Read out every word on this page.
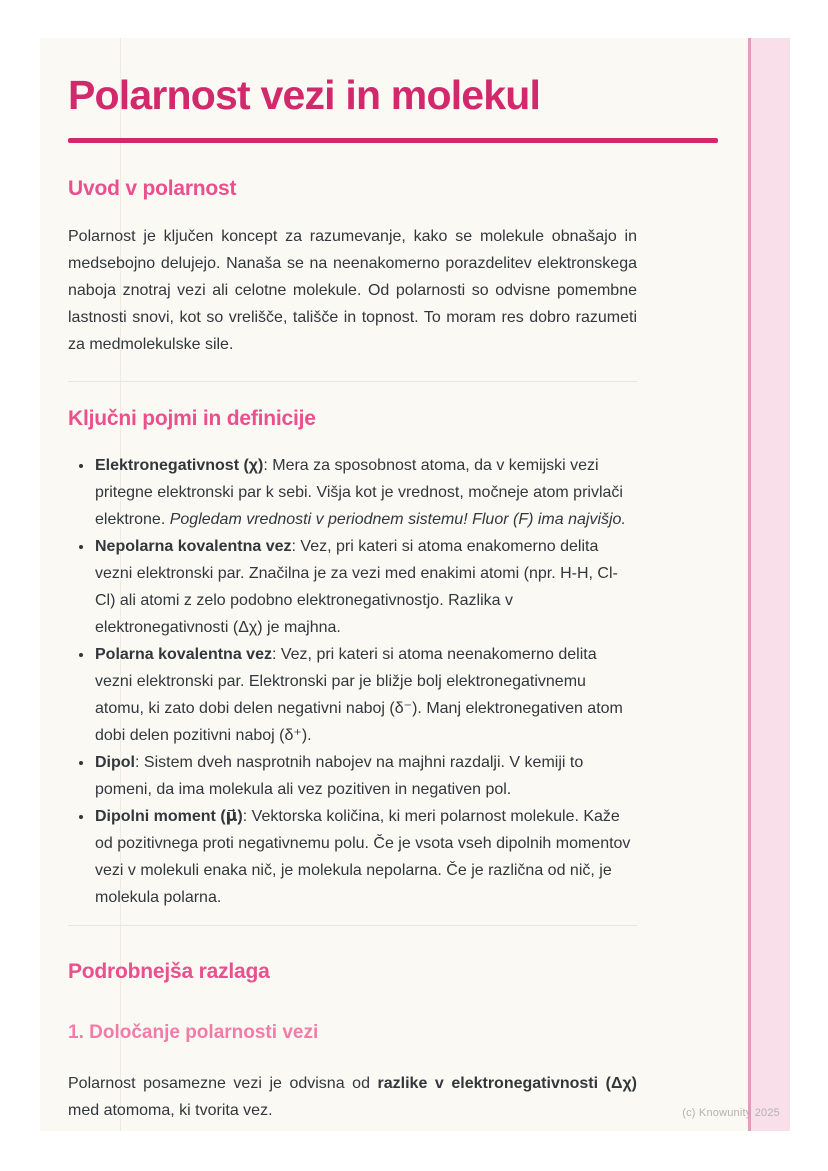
Polarnost vezi in molekul
Uvod v polarnost

Polarnost je ključen koncept za razumevanje, kako se molekule obnašajo in medsebojno delujejo. Nanaša se na neenakomerno porazdelitev elektronskega naboja znotraj vezi ali celotne molekule. Od polarnosti so odvisne pomembne lastnosti snovi, kot so vrelišče, tališče in topnost. To moram res dobro razumeti za medmolekulske sile.

Ključni pojmi in definicije
• Elektronegativnost (χ): Mera za sposobnost atoma, da v kemijski vezi pritegne elektronski par k sebi. Višja kot je vrednost, močneje atom privlači elektrone. Pogledam vrednosti v periodnem sistemu! Fluor (F) ima najvišjo.
• Nepolarna kovalentna vez: Vez, pri kateri si atoma enakomerno delita vezni elektronski par. Značilna je za vezi med enakimi atomi (npr. H-H, Cl-Cl) ali atomi z zelo podobno elektronegativnostjo. Razlika v elektronegativnosti (Δχ) je majhna.
• Polarna kovalentna vez: Vez, pri kateri si atoma neenakomerno delita vezni elektronski par. Elektronski par je bližje bolj elektronegativnemu atomu, ki zato dobi delen negativni naboj (δ⁻). Manj elektronegativen atom dobi delen pozitivni naboj (δ⁺).
• Dipol: Sistem dveh nasprotnih nabojev na majhni razdalji. V kemiji to pomeni, da ima molekula ali vez pozitiven in negativen pol.
• Dipolni moment (μ⃗): Vektorska količina, ki meri polarnost molekule. Kaže od pozitivnega proti negativnemu polu. Če je vsota vseh dipolnih momentov vezi v molekuli enaka nič, je molekula nepolarna. Če je različna od nič, je molekula polarna.
Podrobnejša razlaga
1. Določanje polarnosti vezi

Polarnost posamezne vezi je odvisna od razlike v elektronegativnosti (Δχ) med atomoma, ki tvorita vez.	(c) Knowunity 2025
